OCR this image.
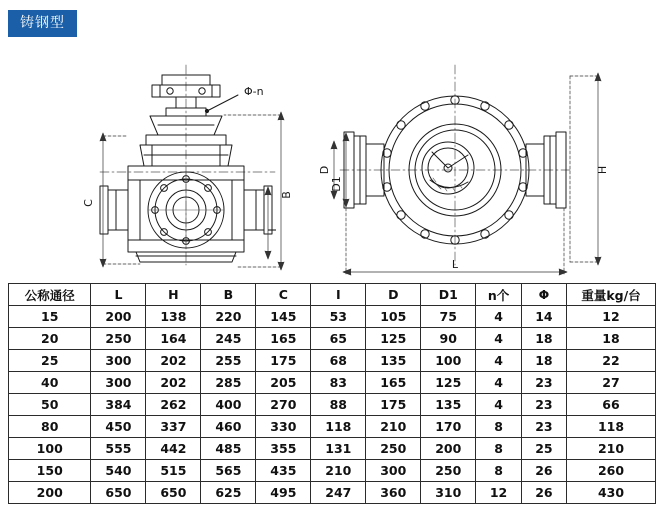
铸钢型
C
B
I
Φ-n
D
D1
H
L
公称通径	L	H	B	C	I	D	D1	n个	Φ	重量kg/台
15	200	138	220	145	53	105	75	4	14	12
20	250	164	245	165	65	125	90	4	18	18
25	300	202	255	175	68	135	100	4	18	22
40	300	202	285	205	83	165	125	4	23	27
50	384	262	400	270	88	175	135	4	23	66
80	450	337	460	330	118	210	170	8	23	118
100	555	442	485	355	131	250	200	8	25	210
150	540	515	565	435	210	300	250	8	26	260
200	650	650	625	495	247	360	310	12	26	430
